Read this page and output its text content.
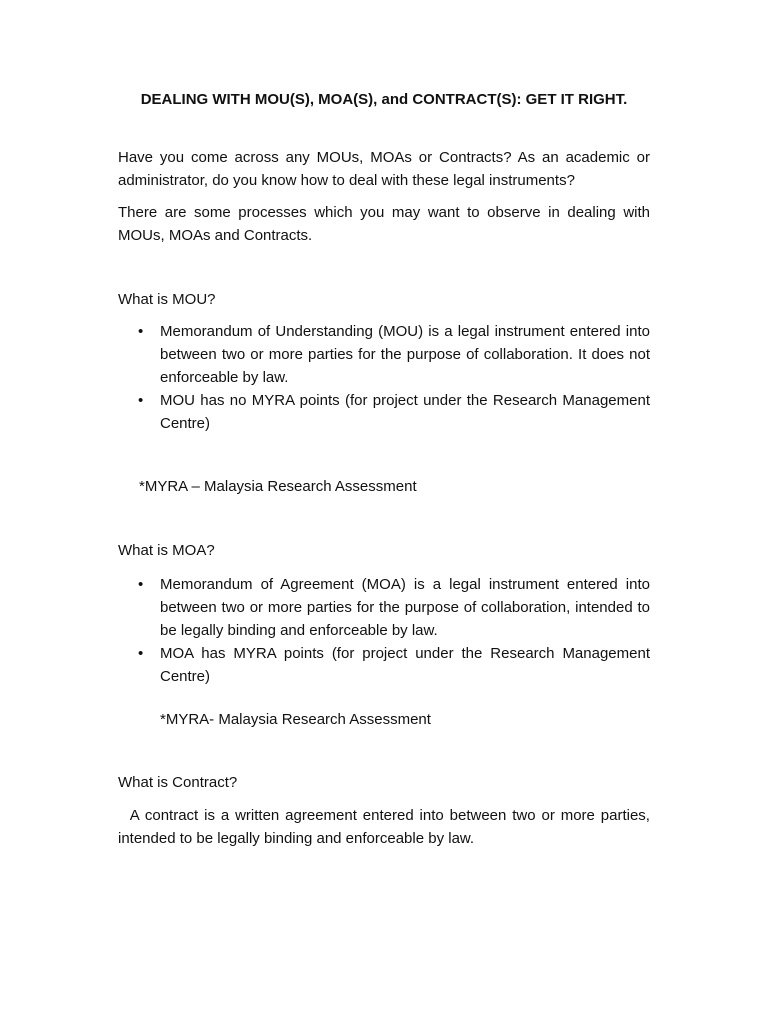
DEALING WITH MOU(S), MOA(S), and CONTRACT(S): GET IT RIGHT.
Have you come across any MOUs, MOAs or Contracts? As an academic or administrator, do you know how to deal with these legal instruments?
There are some processes which you may want to observe in dealing with MOUs, MOAs and Contracts.
What is MOU?
• Memorandum of Understanding (MOU) is a legal instrument entered into between two or more parties for the purpose of collaboration. It does not enforceable by law.
• MOU has no MYRA points (for project under the Research Management Centre)
*MYRA – Malaysia Research Assessment
What is MOA?
• Memorandum of Agreement (MOA) is a legal instrument entered into between two or more parties for the purpose of collaboration, intended to be legally binding and enforceable by law.
• MOA has MYRA points (for project under the Research Management Centre)
*MYRA- Malaysia Research Assessment
What is Contract?
A contract is a written agreement entered into between two or more parties, intended to be legally binding and enforceable by law.
